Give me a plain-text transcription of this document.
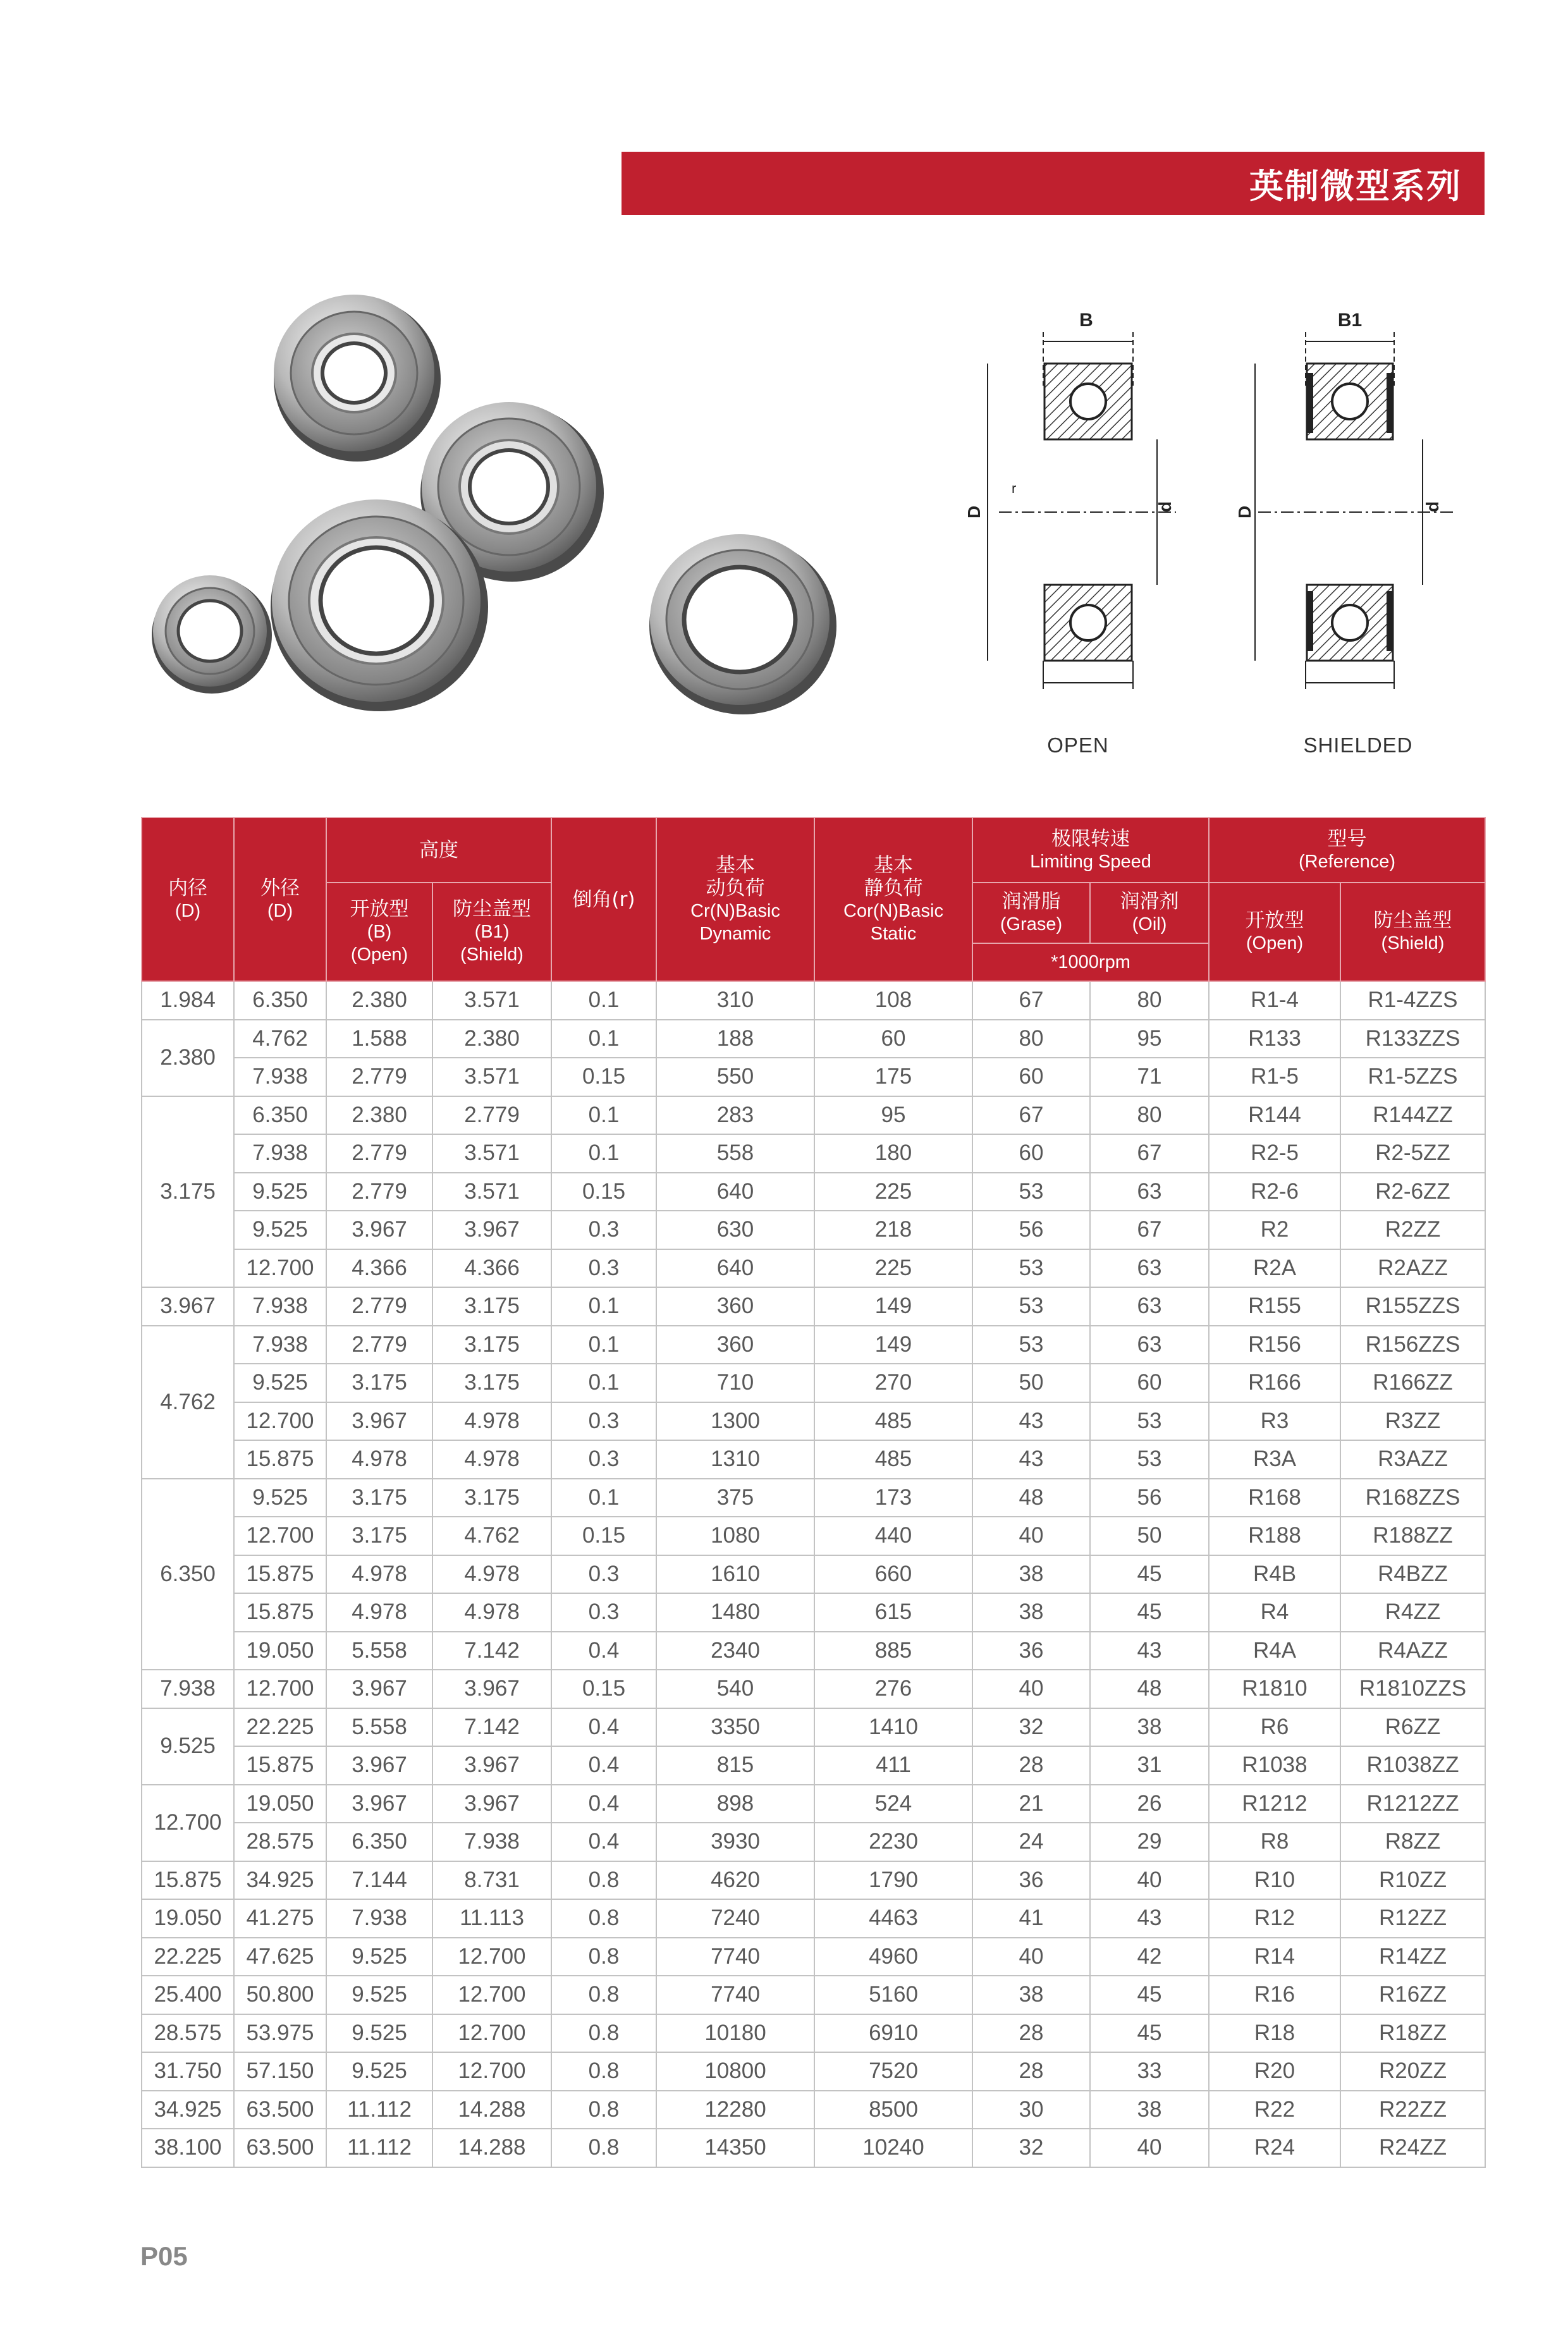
英制微型系列
B
D	d
r
OPEN
B1
D	d
SHIELDED
内径
(D)	外径
(D)	高度		倒角(r)	基本
动负荷
Cr(N)Basic
Dynamic	基本
静负荷
Cor(N)Basic
Static	极限转速
Limiting Speed		型号
(Reference)	

		开放型
(B)
(Open)	防尘盖型
(B1)
(Shield)				润滑脂
(Grase)	润滑剂
(Oil)	开放型
(Open)	防尘盖型
(Shield)

							*1000rpm			

1.984	6.350	2.380	3.571	0.1	310	108	67	80	R1-4	R1-4ZZS
2.380	4.762	1.588	2.380	0.1	188	60	80	95	R133	R133ZZS
	7.938	2.779	3.571	0.15	550	175	60	71	R1-5	R1-5ZZS
3.175	6.350	2.380	2.779	0.1	283	95	67	80	R144	R144ZZ
	7.938	2.779	3.571	0.1	558	180	60	67	R2-5	R2-5ZZ
	9.525	2.779	3.571	0.15	640	225	53	63	R2-6	R2-6ZZ
	9.525	3.967	3.967	0.3	630	218	56	67	R2	R2ZZ
	12.700	4.366	4.366	0.3	640	225	53	63	R2A	R2AZZ
3.967	7.938	2.779	3.175	0.1	360	149	53	63	R155	R155ZZS
4.762	7.938	2.779	3.175	0.1	360	149	53	63	R156	R156ZZS
	9.525	3.175	3.175	0.1	710	270	50	60	R166	R166ZZ
	12.700	3.967	4.978	0.3	1300	485	43	53	R3	R3ZZ
	15.875	4.978	4.978	0.3	1310	485	43	53	R3A	R3AZZ
6.350	9.525	3.175	3.175	0.1	375	173	48	56	R168	R168ZZS
	12.700	3.175	4.762	0.15	1080	440	40	50	R188	R188ZZ
	15.875	4.978	4.978	0.3	1610	660	38	45	R4B	R4BZZ
	15.875	4.978	4.978	0.3	1480	615	38	45	R4	R4ZZ
	19.050	5.558	7.142	0.4	2340	885	36	43	R4A	R4AZZ
7.938	12.700	3.967	3.967	0.15	540	276	40	48	R1810	R1810ZZS
9.525	22.225	5.558	7.142	0.4	3350	1410	32	38	R6	R6ZZ
	15.875	3.967	3.967	0.4	815	411	28	31	R1038	R1038ZZ
12.700	19.050	3.967	3.967	0.4	898	524	21	26	R1212	R1212ZZ
	28.575	6.350	7.938	0.4	3930	2230	24	29	R8	R8ZZ
15.875	34.925	7.144	8.731	0.8	4620	1790	36	40	R10	R10ZZ
19.050	41.275	7.938	11.113	0.8	7240	4463	41	43	R12	R12ZZ
22.225	47.625	9.525	12.700	0.8	7740	4960	40	42	R14	R14ZZ
25.400	50.800	9.525	12.700	0.8	7740	5160	38	45	R16	R16ZZ
28.575	53.975	9.525	12.700	0.8	10180	6910	28	45	R18	R18ZZ
31.750	57.150	9.525	12.700	0.8	10800	7520	28	33	R20	R20ZZ
34.925	63.500	11.112	14.288	0.8	12280	8500	30	38	R22	R22ZZ
38.100	63.500	11.112	14.288	0.8	14350	10240	32	40	R24	R24ZZ
P05
